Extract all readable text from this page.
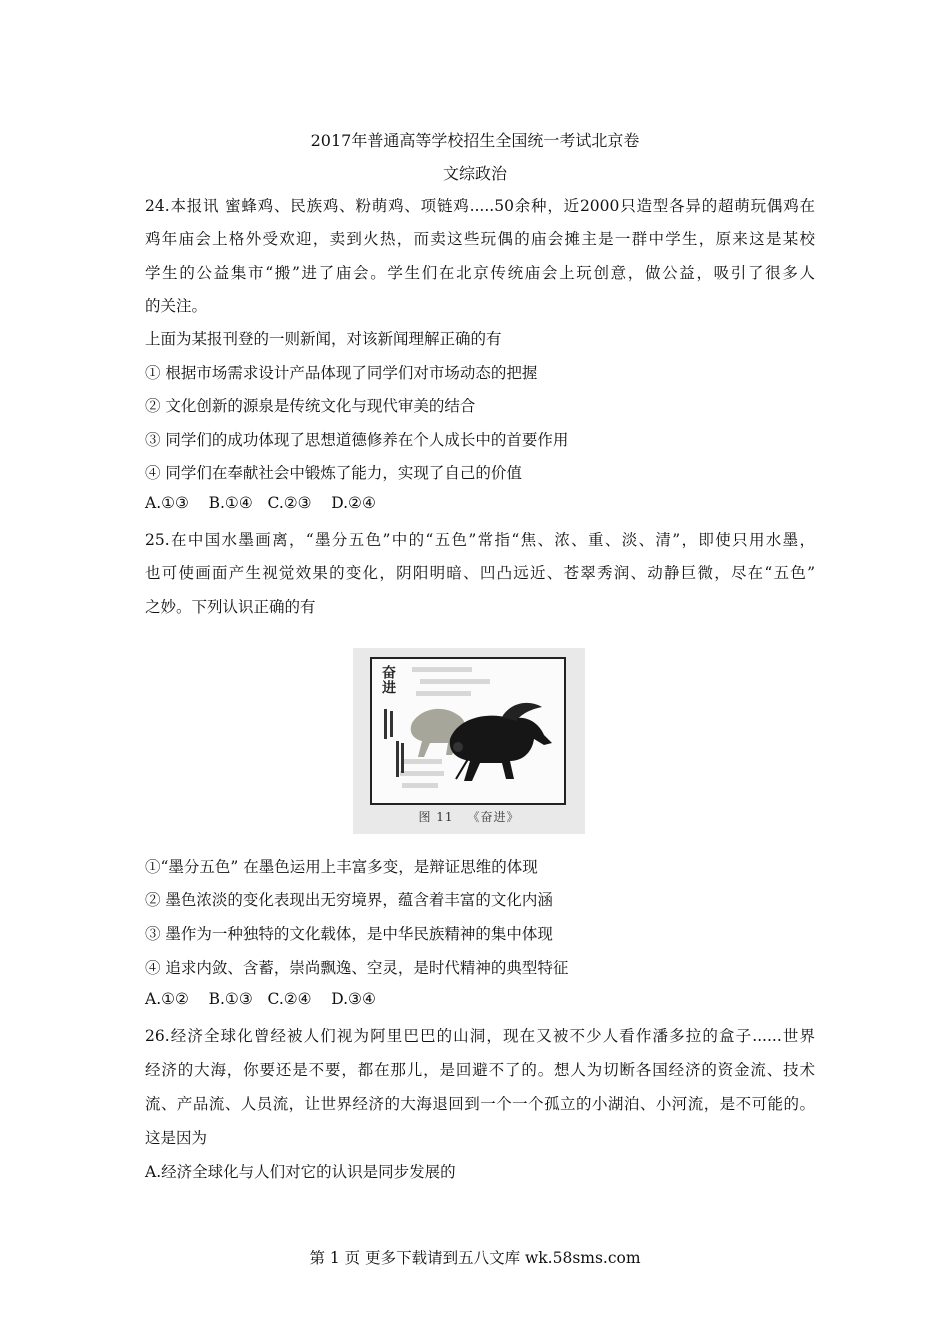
2017年普通高等学校招生全国统一考试北京卷
文综政治
24.本报讯 蜜蜂鸡、民族鸡、粉萌鸡、项链鸡.....50余种，近2000只造型各异的超萌玩偶鸡在
鸡年庙会上格外受欢迎，卖到火热，而卖这些玩偶的庙会摊主是一群中学生，原来这是某校
学生的公益集市“搬”进了庙会。学生们在北京传统庙会上玩创意，做公益，吸引了很多人
的关注。
上面为某报刊登的一则新闻，对该新闻理解正确的有
① 根据市场需求设计产品体现了同学们对市场动态的把握
② 文化创新的源泉是传统文化与现代审美的结合
③ 同学们的成功体现了思想道德修养在个人成长中的首要作用
④ 同学们在奉献社会中锻炼了能力，实现了自己的价值
A.①③    B.①④   C.②③    D.②④
25.在中国水墨画离，“墨分五色”中的“五色”常指“焦、浓、重、淡、清”，即使只用水墨，
也可使画面产生视觉效果的变化，阴阳明暗、凹凸远近、苍翠秀润、动静巨微，尽在“五色”
之妙。下列认识正确的有
奋进
图 11 《奋进》
①“墨分五色” 在墨色运用上丰富多变，是辩证思维的体现
② 墨色浓淡的变化表现出无穷境界，蕴含着丰富的文化内涵
③ 墨作为一种独特的文化载体，是中华民族精神的集中体现
④ 追求内敛、含蓄，崇尚飘逸、空灵，是时代精神的典型特征
A.①②    B.①③   C.②④    D.③④
26.经济全球化曾经被人们视为阿里巴巴的山洞，现在又被不少人看作潘多拉的盒子......世界
经济的大海，你要还是不要，都在那儿，是回避不了的。想人为切断各国经济的资金流、技术
流、产品流、人员流，让世界经济的大海退回到一个一个孤立的小湖泊、小河流，是不可能的。
这是因为
A.经济全球化与人们对它的认识是同步发展的
第 1 页 更多下载请到五八文库 wk.58sms.com
